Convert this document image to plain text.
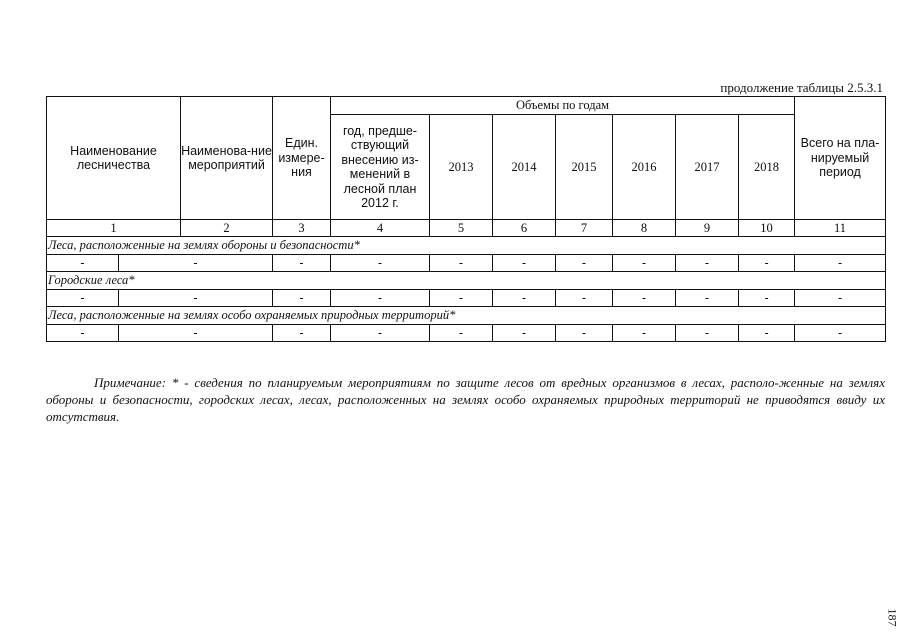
продолжение таблицы 2.5.3.1
Наименование лесничества		Наименова-ние мероприятий	Един. измере-ния	Объемы по годам							Всего на пла-нируемый период
				год, предше-ствующий внесению из-менений в лесной план 2012 г.	2013	2014	2015	2016	2017	2018	
1		2	3	4	5	6	7	8	9	10	11
Леса, расположенные на землях обороны и безопасности*											
-	-		-	-	-	-	-	-	-	-	-
Городские леса*											
-	-		-	-	-	-	-	-	-	-	-
Леса, расположенные на землях особо охраняемых природных территорий*											
-	-		-	-	-	-	-	-	-	-	-

Примечание: * - сведения по планируемым мероприятиям по защите лесов от вредных организмов в лесах, располо-женные на землях обороны и безопасности, городских лесах, лесах, расположенных на землях особо охраняемых природных территорий не приводятся ввиду их отсутствия.

187
